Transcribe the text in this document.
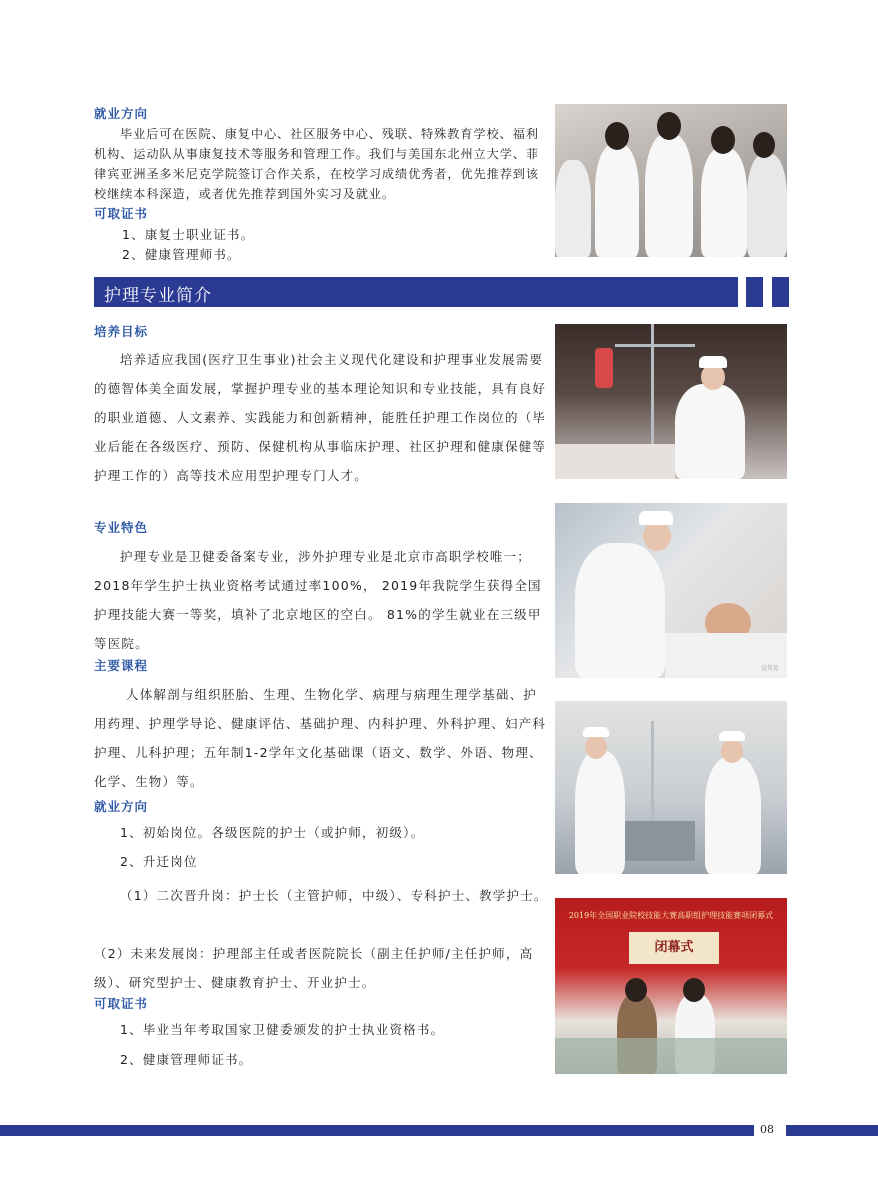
就业方向
毕业后可在医院、康复中心、社区服务中心、残联、特殊教育学校、福利机构、运动队从事康复技术等服务和管理工作。我们与美国东北州立大学、菲律宾亚洲圣多米尼克学院签订合作关系，在校学习成绩优秀者，优先推荐到该校继续本科深造，或者优先推荐到国外实习及就业。
可取证书
1、康复士职业证书。
2、健康管理师书。
护理专业简介
培养目标
培养适应我国(医疗卫生事业)社会主义现代化建设和护理事业发展需要的德智体美全面发展，掌握护理专业的基本理论知识和专业技能，具有良好的职业道德、人文素养、实践能力和创新精神，能胜任护理工作岗位的（毕业后能在各级医疗、预防、保健机构从事临床护理、社区护理和健康保健等护理工作的）高等技术应用型护理专门人才。
专业特色
护理专业是卫健委备案专业，涉外护理专业是北京市高职学校唯一； 2018年学生护士执业资格考试通过率100%， 2019年我院学生获得全国护理技能大赛一等奖，填补了北京地区的空白。 81%的学生就业在三级甲等医院。
主要课程
人体解剖与组织胚胎、生理、生物化学、病理与病理生理学基础、护用药理、护理学导论、健康评估、基础护理、内科护理、外科护理、妇产科护理、儿科护理；五年制1-2学年文化基础课（语文、数学、外语、物理、化学、生物）等。
就业方向
1、初始岗位。各级医院的护士（或护师，初级）。
2、升迁岗位
（1）二次晋升岗：护士长（主管护师，中级）、专科护士、教学护士。
（2）未来发展岗：护理部主任或者医院院长（副主任护师/主任护师，高级）、研究型护士、健康教育护士、开业护士。
可取证书
1、毕业当年考取国家卫健委颁发的护士执业资格书。
2、健康管理师证书。
宣传处
2019年全国职业院校技能大赛高职组护理技能赛项闭幕式
闭幕式
08
